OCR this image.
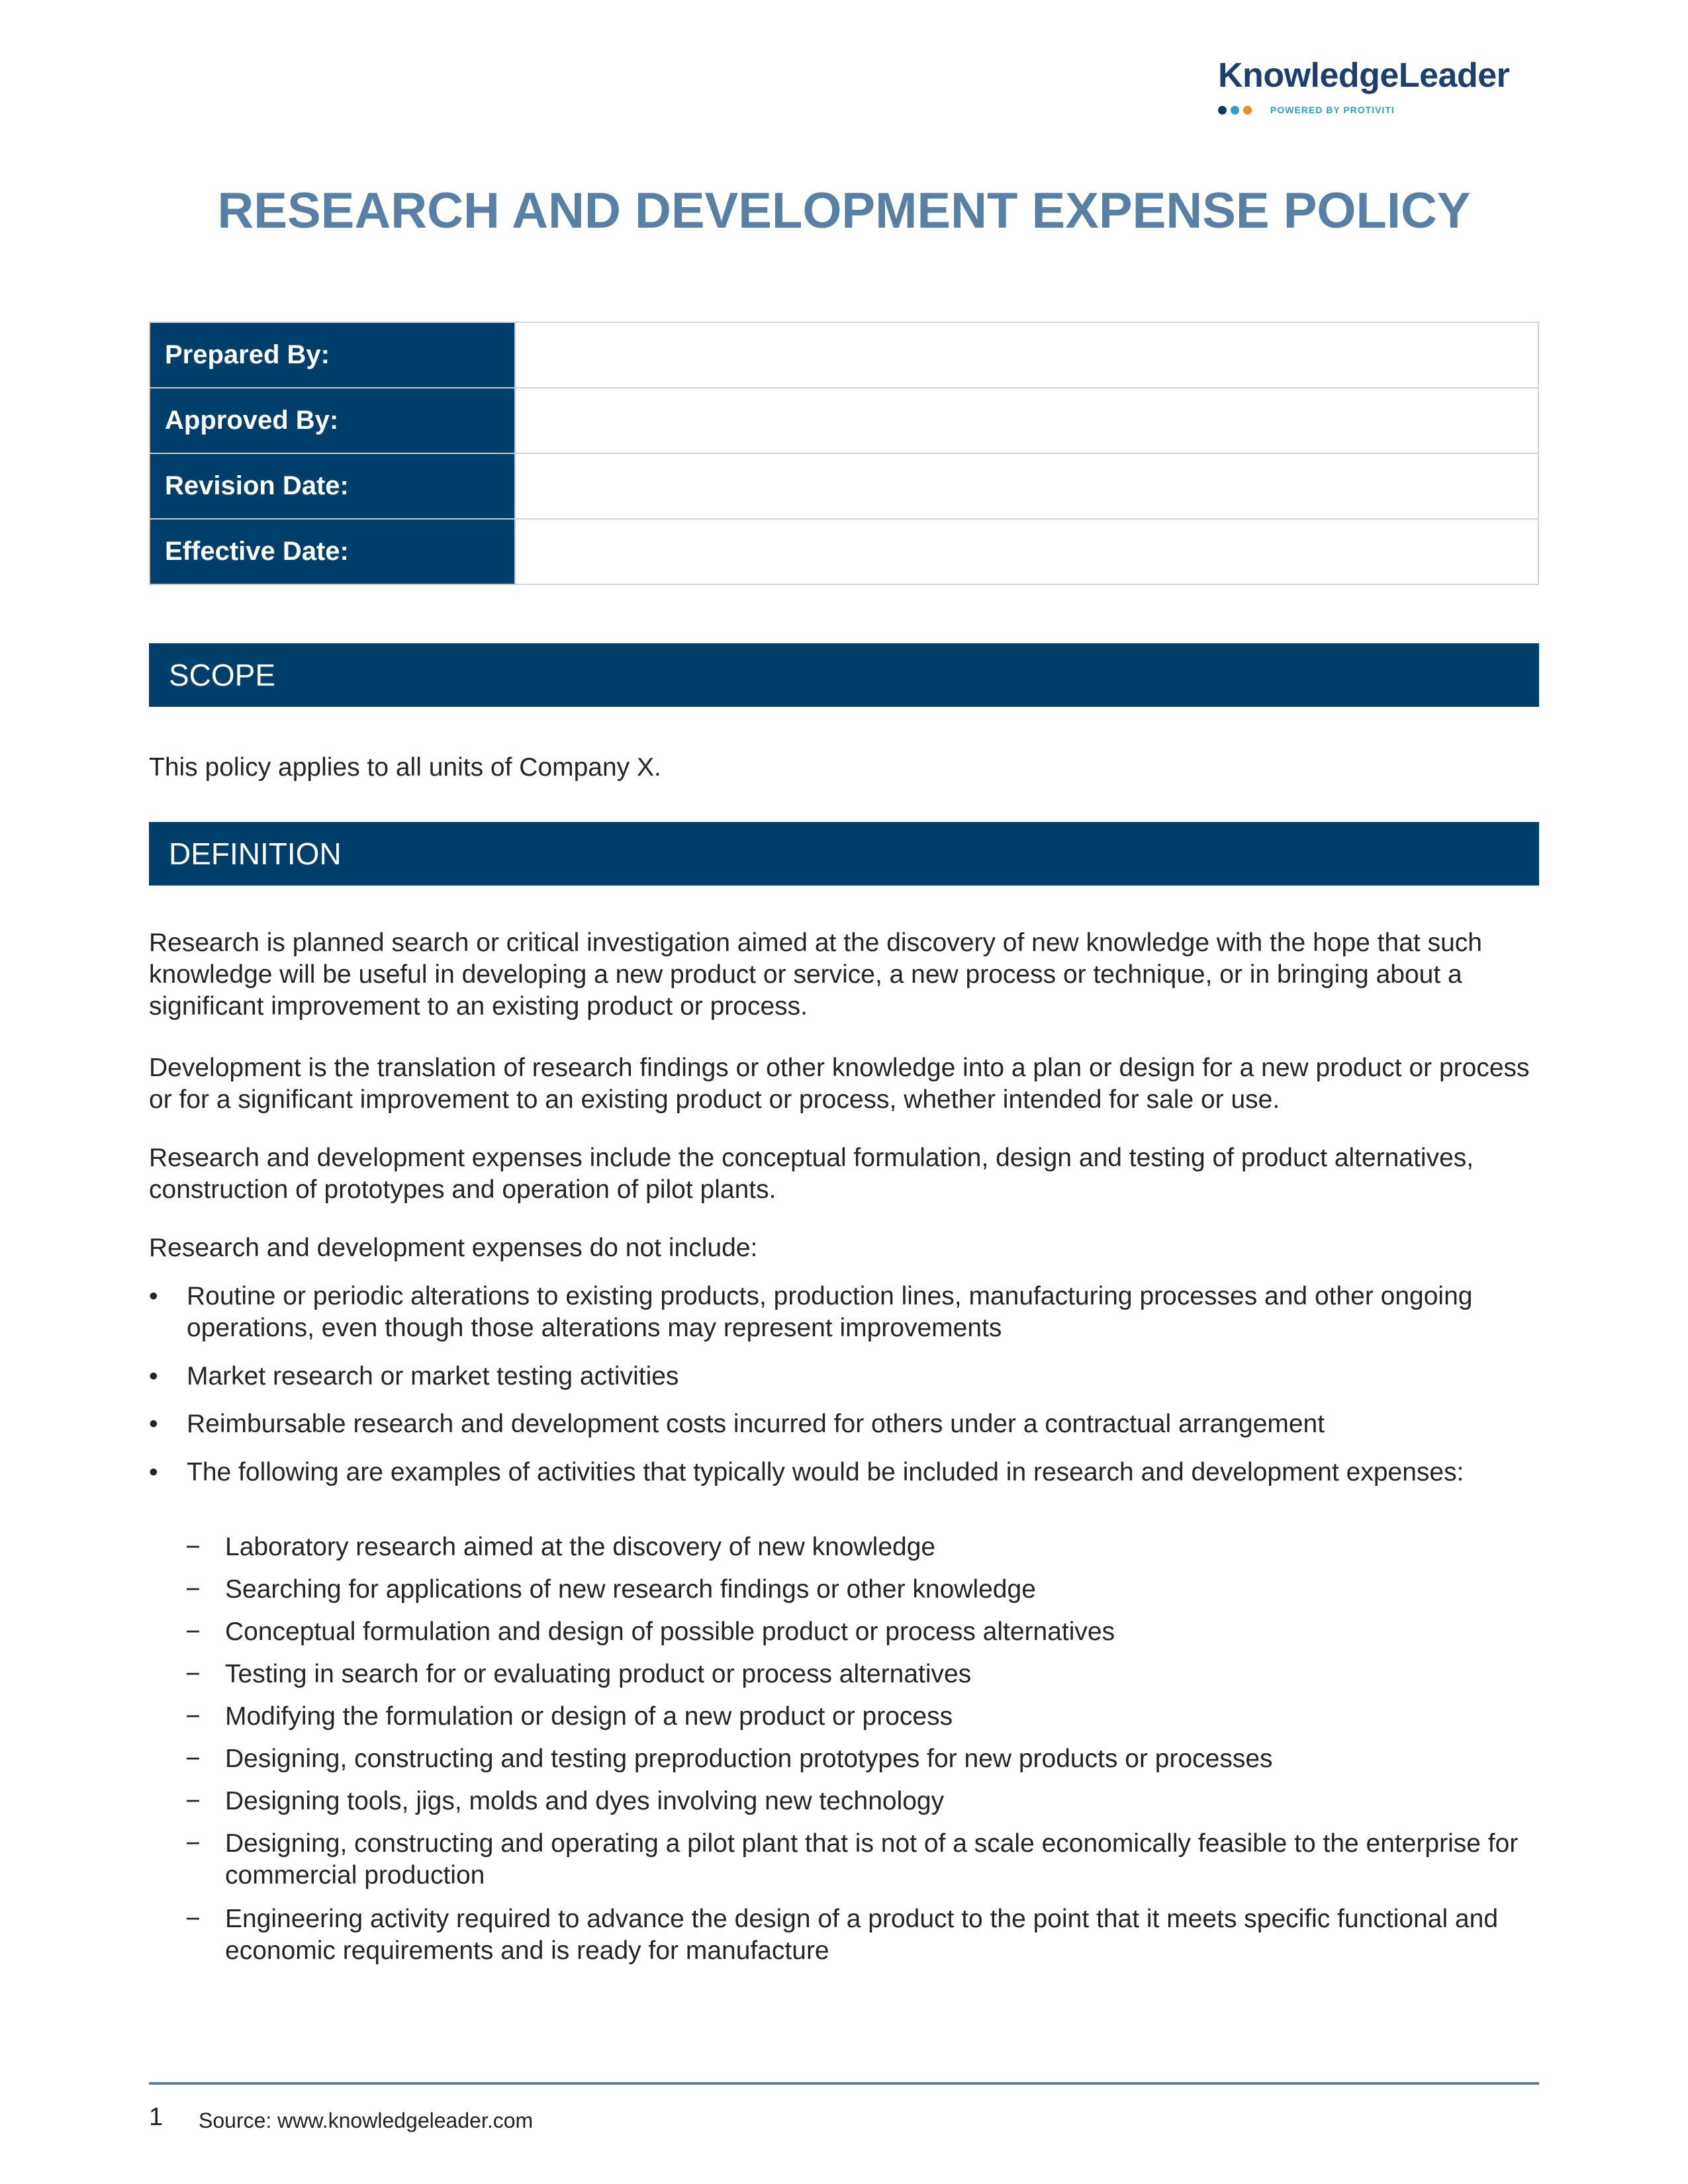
KnowledgeLeader
POWERED BY PROTIVITI
RESEARCH AND DEVELOPMENT EXPENSE POLICY
Prepared By:	
Approved By:	
Revision Date:	
Effective Date:	
SCOPE

This policy applies to all units of Company X.

DEFINITION

Research is planned search or critical investigation aimed at the discovery of new knowledge with the hope that such knowledge will be useful in developing a new product or service, a new process or technique, or in bringing about a significant improvement to an existing product or process.

Development is the translation of research findings or other knowledge into a plan or design for a new product or process or for a significant improvement to an existing product or process, whether intended for sale or use.

Research and development expenses include the conceptual formulation, design and testing of product alternatives, construction of prototypes and operation of pilot plants.

Research and development expenses do not include:

•	Routine or periodic alterations to existing products, production lines, manufacturing processes and other ongoing operations, even though those alterations may represent improvements
•	Market research or market testing activities
•	Reimbursable research and development costs incurred for others under a contractual arrangement
•	The following are examples of activities that typically would be included in research and development expenses:
− Laboratory research aimed at the discovery of new knowledge
− Searching for applications of new research findings or other knowledge
− Conceptual formulation and design of possible product or process alternatives
− Testing in search for or evaluating product or process alternatives
− Modifying the formulation or design of a new product or process
− Designing, constructing and testing preproduction prototypes for new products or processes
− Designing tools, jigs, molds and dyes involving new technology
− Designing, constructing and operating a pilot plant that is not of a scale economically feasible to the enterprise for commercial production
− Engineering activity required to advance the design of a product to the point that it meets specific functional and economic requirements and is ready for manufacture
1 Source: www.knowledgeleader.com
